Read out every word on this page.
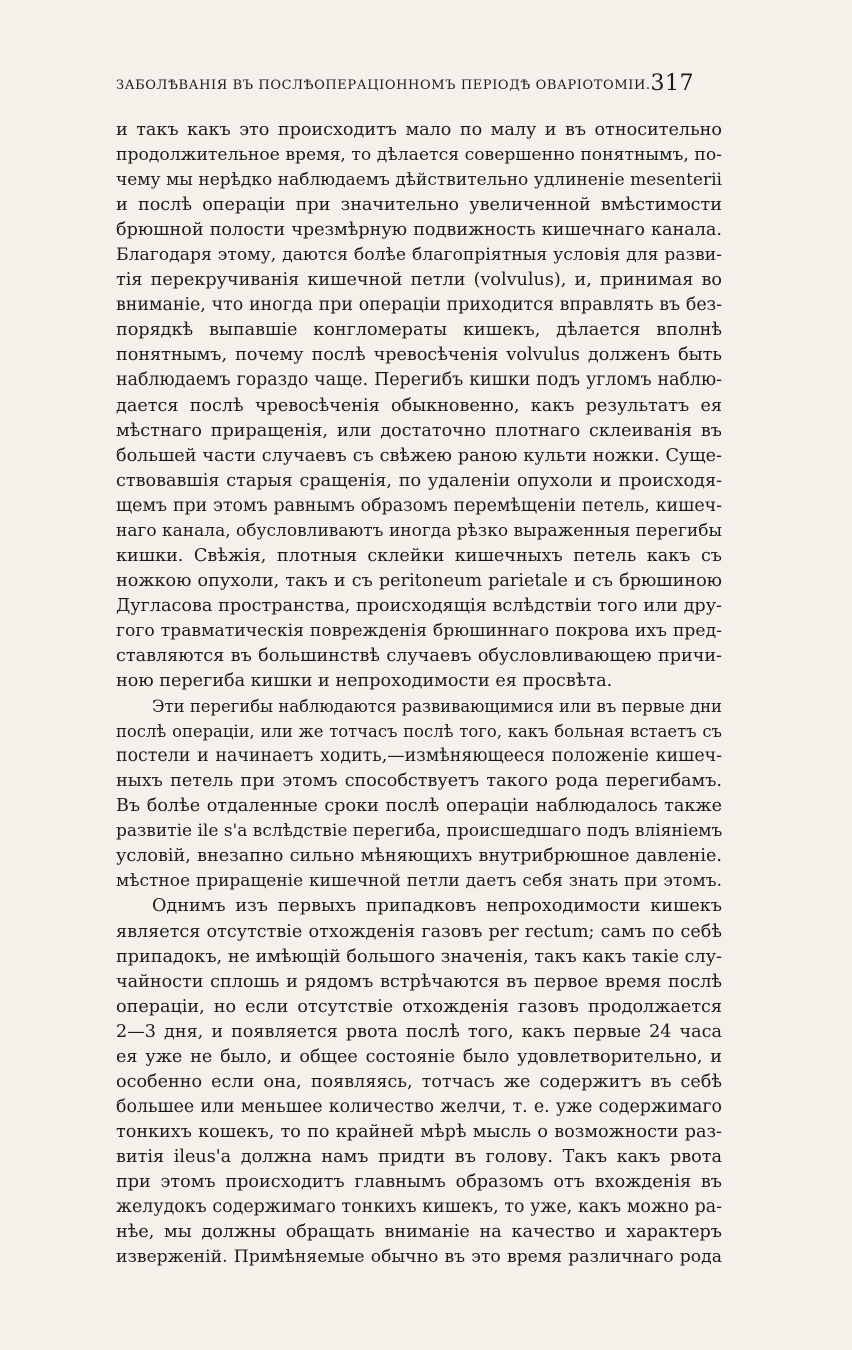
ЗАБОЛѢВАНІЯ ВЪ ПОСЛѢОПЕРАЦІОННОМЪ ПЕРІОДѢ ОВАРІОТОМІИ. 317
и такъ какъ это происходитъ мало по малу и въ относительно
продолжительное время, то дѣлается совершенно понятнымъ, по-
чему мы нерѣдко наблюдаемъ дѣйствительно удлиненіе mesenterii
и послѣ операціи при значительно увеличенной вмѣстимости
брюшной полости чрезмѣрную подвижность кишечнаго канала.
Благодаря этому, даются болѣе благопріятныя условія для разви-
тія перекручиванія кишечной петли (volvulus), и, принимая во
вниманіе, что иногда при операціи приходится вправлять въ без-
порядкѣ выпавшіе конгломераты кишекъ, дѣлается вполнѣ
понятнымъ, почему послѣ чревосѣченія volvulus долженъ быть
наблюдаемъ гораздо чаще. Перегибъ кишки подъ угломъ наблю-
дается послѣ чревосѣченія обыкновенно, какъ результатъ ея
мѣстнаго приращенія, или достаточно плотнаго склеиванія въ
большей части случаевъ съ свѣжею раною культи ножки. Суще-
ствовавшія старыя сращенія, по удаленіи опухоли и происходя-
щемъ при этомъ равнымъ образомъ перемѣщеніи петель, кишеч-
наго канала, обусловливаютъ иногда рѣзко выраженныя перегибы
кишки. Свѣжія, плотныя склейки кишечныхъ петель какъ съ
ножкою опухоли, такъ и съ peritoneum parietale и съ брюшиною
Дугласова пространства, происходящія вслѣдствіи того или дру-
гого травматическія поврежденія брюшиннаго покрова ихъ пред-
ставляются въ большинствѣ случаевъ обусловливающею причи-
ною перегиба кишки и непроходимости ея просвѣта.
Эти перегибы наблюдаются развивающимися или въ первые дни
послѣ операціи, или же тотчасъ послѣ того, какъ больная встаетъ съ
постели и начинаетъ ходить,—измѣняющееся положеніе кишеч-
ныхъ петель при этомъ способствуетъ такого рода перегибамъ.
Въ болѣе отдаленные сроки послѣ операціи наблюдалось также
развитіе ile s'а вслѣдствіе перегиба, происшедшаго подъ вліяніемъ
условій, внезапно сильно мѣняющихъ внутрибрюшное давленіе.
мѣстное приращеніе кишечной петли даетъ себя знать при этомъ.
Однимъ изъ первыхъ припадковъ непроходимости кишекъ
является отсутствіе отхожденія газовъ per rectum; самъ по себѣ
припадокъ, не имѣющій большого значенія, такъ какъ такіе слу-
чайности сплошь и рядомъ встрѣчаются въ первое время послѣ
операціи, но если отсутствіе отхожденія газовъ продолжается
2—3 дня, и появляется рвота послѣ того, какъ первые 24 часа
ея уже не было, и общее состояніе было удовлетворительно, и
особенно если она, появляясь, тотчасъ же содержитъ въ себѣ
большее или меньшее количество желчи, т. е. уже содержимаго
тонкихъ кошекъ, то по крайней мѣрѣ мысль о возможности раз-
витія ileus'а должна намъ придти въ голову. Такъ какъ рвота
при этомъ происходитъ главнымъ образомъ отъ вхожденія въ
желудокъ содержимаго тонкихъ кишекъ, то уже, какъ можно ра-
нѣе, мы должны обращать вниманіе на качество и характеръ
изверженій. Примѣняемые обычно въ это время различнаго рода
